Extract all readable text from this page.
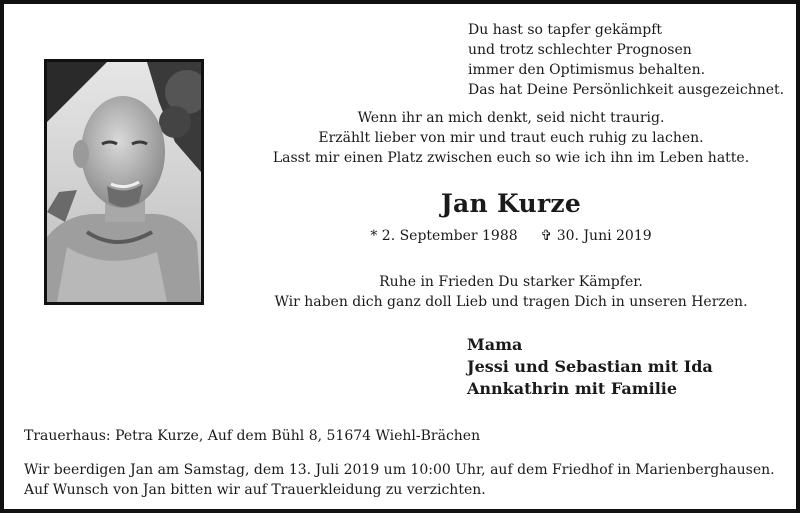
Du hast so tapfer gekämpft
und trotz schlechter Prognosen
immer den Optimismus behalten.
Das hat Deine Persönlichkeit ausgezeichnet.
Wenn ihr an mich denkt, seid nicht traurig.
Erzählt lieber von mir und traut euch ruhig zu lachen.
Lasst mir einen Platz zwischen euch so wie ich ihn im Leben hatte.
Jan Kurze
* 2. September 1988 ✞ 30. Juni 2019
Ruhe in Frieden Du starker Kämpfer.
Wir haben dich ganz doll Lieb und tragen Dich in unseren Herzen.
Mama
Jessi und Sebastian mit Ida
Annkathrin mit Familie
Trauerhaus: Petra Kurze, Auf dem Bühl 8, 51674 Wiehl-Brächen
Wir beerdigen Jan am Samstag, dem 13. Juli 2019 um 10:00 Uhr, auf dem Friedhof in Marienberghausen.
Auf Wunsch von Jan bitten wir auf Trauerkleidung zu verzichten.
